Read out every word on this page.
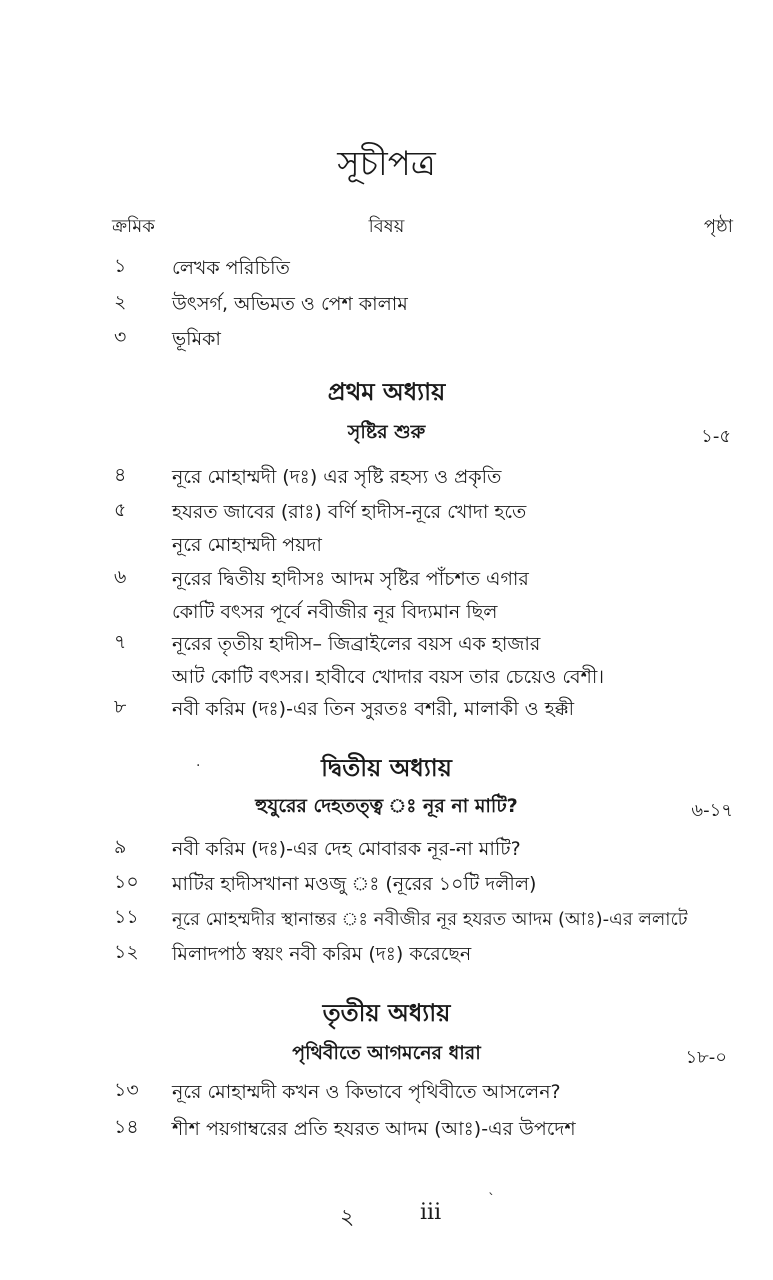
সূচীপত্র
ক্রমিক	বিষয়	পৃষ্ঠা
১	লেখক পরিচিতি
২	উৎসর্গ, অভিমত ও পেশ কালাম
৩	ভূমিকা
প্রথম অধ্যায়
সৃষ্টির শুরু	১-৫
৪	নূরে মোহাম্মদী (দঃ) এর সৃষ্টি রহস্য ও প্রকৃতি
৫	হযরত জাবের (রাঃ) বর্ণি হাদীস-নূরে খোদা হতে
নূরে মোহাম্মদী পয়দা
৬	নূরের দ্বিতীয় হাদীসঃ আদম সৃষ্টির পাঁচশত এগার
কোটি বৎসর পূর্বে নবীজীর নূর বিদ্যমান ছিল
৭	নূরের তৃতীয় হাদীস– জিব্রাইলের বয়স এক হাজার
আট কোটি বৎসর। হাবীবে খোদার বয়স তার চেয়েও বেশী।
৮	নবী করিম (দঃ)-এর তিন সুরতঃ বশরী, মালাকী ও হক্কী
দ্বিতীয় অধ্যায়
হুযুরের দেহতত্ত্ব ঃ নূর না মাটি?	৬-১৭
৯	নবী করিম (দঃ)-এর দেহ মোবারক নূর-না মাটি?
১০	মাটির হাদীসখানা মওজু ঃ (নূরের ১০টি দলীল)
১১	নূরে মোহম্মদীর স্থানান্তর ঃ নবীজীর নূর হযরত আদম (আঃ)-এর ললাটে
১২	মিলাদপাঠ স্বয়ং নবী করিম (দঃ) করেছেন
তৃতীয় অধ্যায়
পৃথিবীতে আগমনের ধারা	১৮-০
১৩	নূরে মোহাম্মদী কখন ও কিভাবে পৃথিবীতে আসলেন?
১৪	শীশ পয়গাম্বরের প্রতি হযরত আদম (আঃ)-এর উপদেশ
২	iii
·
ˋ
